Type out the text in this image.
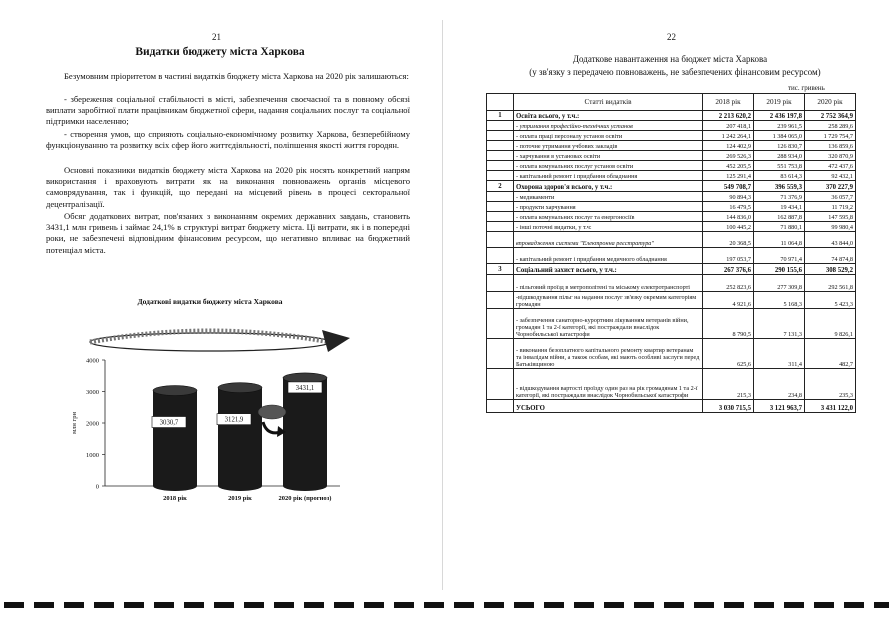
21
Видатки бюджету міста Харкова
Безумовним пріоритетом в частині видатків бюджету міста Харкова на 2020 рік залишаються:
- збереження соціальної стабільності в місті, забезпечення своєчасної та в повному обсязі виплати заробітної плати працівникам бюджетної сфери, надання соціальних послуг та соціальної підтримки населенню;
- створення умов, що сприяють соціально-економічному розвитку Харкова, безперебійному функціонуванню та розвитку всіх сфер його життєдіяльності, поліпшення якості життя городян.
Основні показники видатків бюджету міста Харкова на 2020 рік носять конкретний напрям використання і враховують витрати як на виконання повноважень органів місцевого самоврядування, так і функцій, що передані на місцевий рівень в процесі секторальної децентралізації.
Обсяг додаткових витрат, пов'язаних з виконанням окремих державних завдань, становить 3431,1 млн гривень і займає 24,1% в структурі витрат бюджету міста. Ці витрати, як і в попередні роки, не забезпечені відповідним фінансовим ресурсом, що негативно впливає на бюджетний потенціал міста.
Додаткові видатки бюджету міста Харкова
0
1000
2000
3000
4000
млн грн	3030,7
2018 рік
3121,9
2019 рік
3431,1
2020 рік (прогноз)
22
Додаткове навантаження на бюджет міста Харкова
(у зв'язку з передачею повноважень, не забезпечених фінансовим ресурсом)
тис. гривень
	Статті видатків	2018 рік	2019 рік	2020 рік
1	Освіта всього, у т.ч.:	2 213 620,2	2 436 197,8	2 752 364,9
	- утримання професійно-технічних установ	207 418,1	239 961,5	258 289,6
	- оплата праці персоналу установ освіти	1 242 264,1	1 384 065,0	1 729 754,7
	- поточне утримання учбових закладів	124 402,9	126 830,7	136 859,6
	- харчування в установах освіти	269 526,3	288 934,0	320 870,9
	- оплата комунальних послуг установ освіти	452 205,5	551 753,8	472 437,6
	- капітальний ремонт і придбання обладнання	125 291,4	83 614,3	92 432,1
2	Охорона здоров'я всього, у т.ч.:	549 708,7	396 559,3	370 227,9
	- медикаменти	90 894,3	71 376,9	36 057,7
	- продукти харчування	16 479,5	19 434,1	11 719,2
	- оплата комунальних послуг та енергоносіїв	144 836,0	162 887,8	147 595,8
	- інші поточні видатки, у т.ч:	100 445,2	71 880,1	99 980,4
	впровадження системи "Електронна реєстратура"	20 368,5	11 064,8	43 844,0
	- капітальний ремонт і придбання медичного обладнання	197 053,7	70 971,4	74 874,8
3	Соціальний захист всього, у т.ч.:	267 376,6	290 155,6	308 529,2
	- пільговий проїзд в метрополітені та міському електротранспорті	252 823,6	277 309,8	292 561,8
	-відшкодування пільг на надання послуг зв'язку окремим категоріям громадян	4 921,6	5 168,3	5 423,3
	- забезпечення санаторно-курортним лікуванням ветеранів війни, громадян 1 та 2-ї категорії, які постраждали внаслідок Чорнобильської катастрофи	8 790,5	7 131,3	9 826,1
	- виконання безоплатного капітального ремонту квартир ветеранам та інвалідам війни, а також особам, які мають особливі заслуги перед Батьківщиною	625,6	311,4	482,7
	- відшкодування вартості проїзду один раз на рік громадянам 1 та 2-ї категорії, які постраждали внаслідок Чорнобильської катастрофи	215,3	234,8	235,3
	УСЬОГО	3 030 715,5	3 121 963,7	3 431 122,0
